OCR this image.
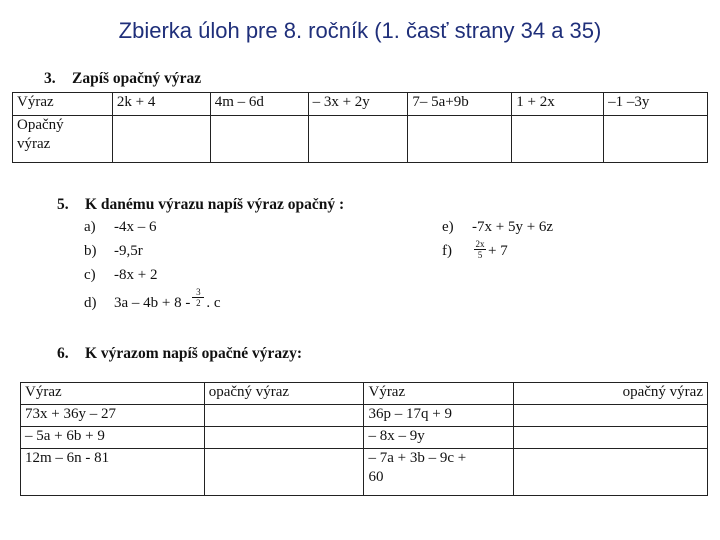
Zbierka úloh pre 8. ročník (1. časť strany 34 a 35)
3. Zapíš opačný výraz
Výraz	2k + 4	4m – 6d	– 3x + 2y	7– 5a+9b	1 + 2x	–1 –3y
Opačný
výraz						
5. K danému výrazu napíš výraz opačný :
a)	-4x – 6
b)	-9,5r
c)	-8x + 2
d)	$3a - 4b + 8 - \frac{3}{2}$ . c
e)	-7x + 5y + 6z
f)	$\frac{2x}{5} + 7$
6. K výrazom napíš opačné výrazy:
Výraz	opačný výraz	Výraz	opačný výraz
73x + 36y – 27		36p – 17q + 9	
– 5a + 6b + 9		– 8x – 9y	
12m – 6n - 81		– 7a + 3b – 9c +
60	
